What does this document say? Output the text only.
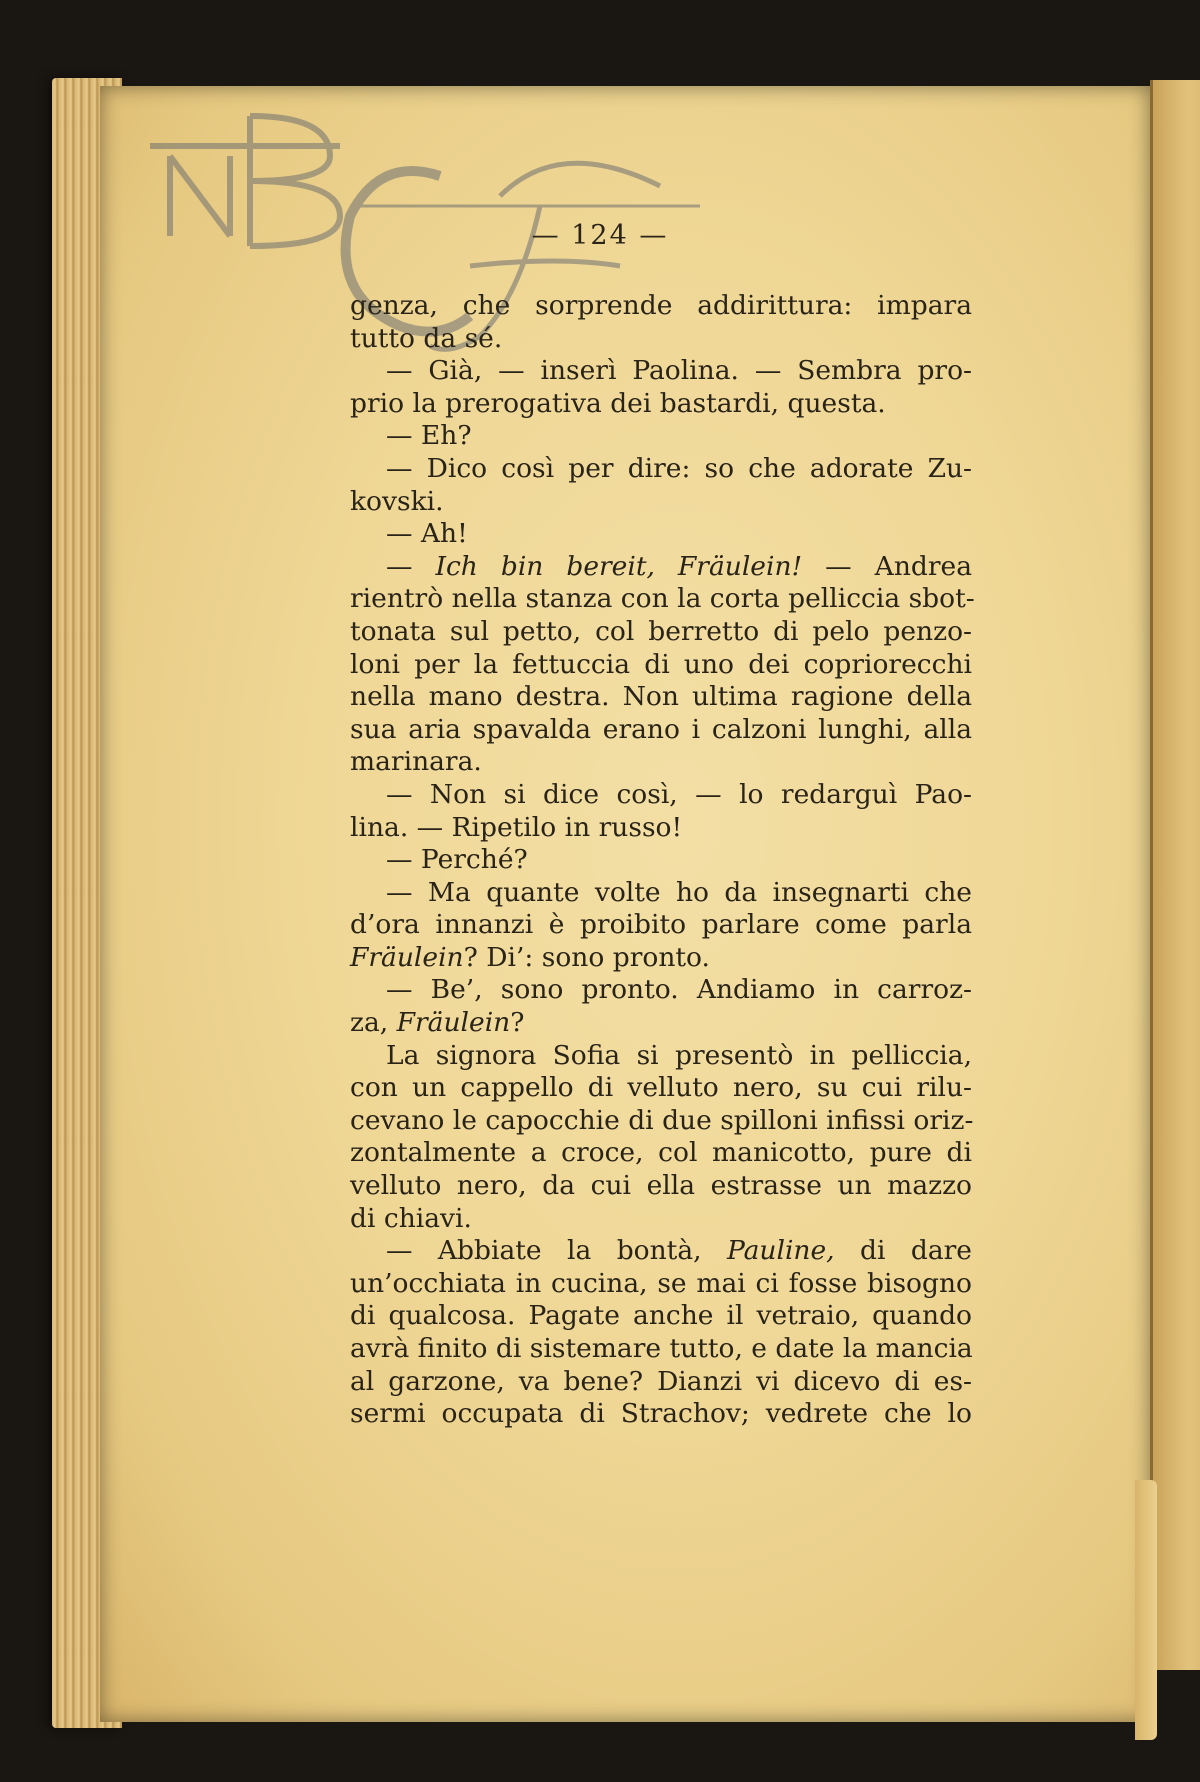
— 124 —
genza, che sorprende addirittura: impara
tutto da sé.
— Già, — inserì Paolina. — Sembra pro-
prio la prerogativa dei bastardi, questa.
— Eh?
— Dico così per dire: so che adorate Zu-
kovski.
— Ah!
— Ich bin bereit, Fräulein! — Andrea
rientrò nella stanza con la corta pelliccia sbot-
tonata sul petto, col berretto di pelo penzo-
loni per la fettuccia di uno dei copriorecchi
nella mano destra. Non ultima ragione della
sua aria spavalda erano i calzoni lunghi, alla
marinara.
— Non si dice così, — lo redarguì Pao-
lina. — Ripetilo in russo!
— Perché?
— Ma quante volte ho da insegnarti che
d’ora innanzi è proibito parlare come parla
Fräulein? Di’: sono pronto.
— Be’, sono pronto. Andiamo in carroz-
za, Fräulein?
La signora Sofia si presentò in pelliccia,
con un cappello di velluto nero, su cui rilu-
cevano le capocchie di due spilloni infissi oriz-
zontalmente a croce, col manicotto, pure di
velluto nero, da cui ella estrasse un mazzo
di chiavi.
— Abbiate la bontà, Pauline, di dare
un’occhiata in cucina, se mai ci fosse bisogno
di qualcosa. Pagate anche il vetraio, quando
avrà finito di sistemare tutto, e date la mancia
al garzone, va bene? Dianzi vi dicevo di es-
sermi occupata di Strachov; vedrete che lo
